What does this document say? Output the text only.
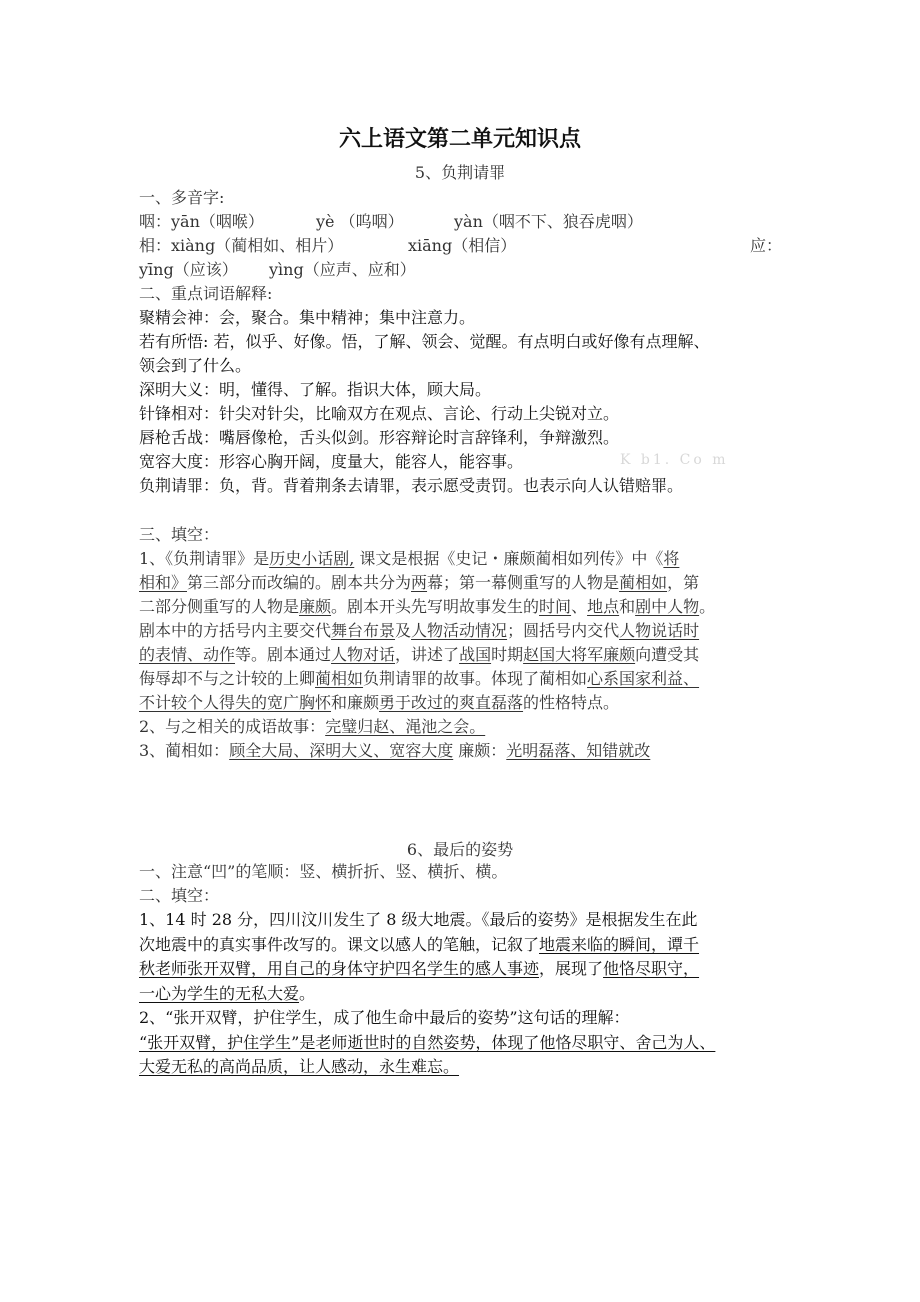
六上语文第二单元知识点
5、负荆请罪
一、多音字:
咽：yān（咽喉）	yè （呜咽）	yàn（咽不下、狼吞虎咽）
相：xiàng（蔺相如、相片）	xiāng（相信）	应：
yīng（应该） yìng（应声、应和）
二、重点词语解释:
聚精会神：会，聚合。集中精神；集中注意力。
若有所悟: 若，似乎、好像。悟，了解、领会、觉醒。有点明白或好像有点理解、
领会到了什么。
深明大义：明，懂得、了解。指识大体，顾大局。
针锋相对：针尖对针尖，比喻双方在观点、言论、行动上尖锐对立。
唇枪舌战：嘴唇像枪，舌头似剑。形容辩论时言辞锋利，争辩激烈。
宽容大度：形容心胸开阔，度量大，能容人，能容事。	K b1. Co m
负荆请罪：负，背。背着荆条去请罪，表示愿受责罚。也表示向人认错赔罪。
三、填空：
1、《负荆请罪》是历史小话剧, 课文是根据《史记・廉颇蔺相如列传》中《将
相和》第三部分而改编的。剧本共分为两幕；第一幕侧重写的人物是蔺相如，第
二部分侧重写的人物是廉颇。剧本开头先写明故事发生的时间、地点和剧中人物。
剧本中的方括号内主要交代舞台布景及人物活动情况；圆括号内交代人物说话时
的表情、动作等。剧本通过人物对话，讲述了战国时期赵国大将军廉颇向遭受其
侮辱却不与之计较的上卿蔺相如负荆请罪的故事。体现了蔺相如心系国家利益、
不计较个人得失的宽广胸怀和廉颇勇于改过的爽直磊落的性格特点。
2、与之相关的成语故事：完璧归赵、渑池之会。
3、蔺相如：顾全大局、深明大义、宽容大度 廉颇：光明磊落、知错就改
6、最后的姿势
一、注意“凹”的笔顺：竖、横折折、竖、横折、横。
二、填空：
1、14 时 28 分，四川汶川发生了 8 级大地震。《最后的姿势》是根据发生在此
次地震中的真实事件改写的。课文以感人的笔触，记叙了地震来临的瞬间，谭千
秋老师张开双臂，用自己的身体守护四名学生的感人事迹，展现了他恪尽职守，
一心为学生的无私大爱。
2、“张开双臂，护住学生，成了他生命中最后的姿势”这句话的理解：
“张开双臂，护住学生”是老师逝世时的自然姿势，体现了他恪尽职守、舍己为人、
大爱无私的高尚品质，让人感动，永生难忘。
